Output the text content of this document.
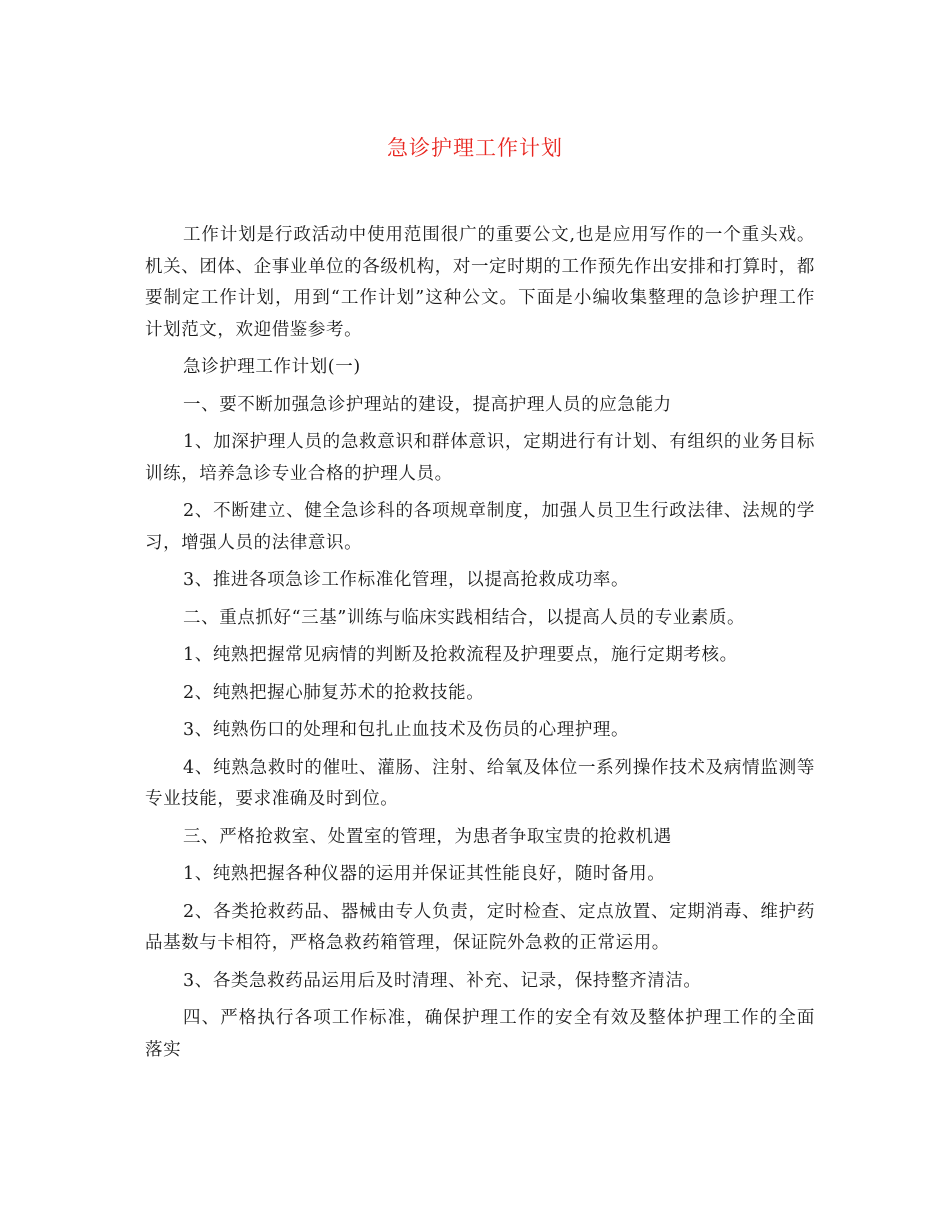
急诊护理工作计划

工作计划是行政活动中使用范围很广的重要公文,也是应用写作的一个重头戏。机关、团体、企事业单位的各级机构，对一定时期的工作预先作出安排和打算时，都要制定工作计划，用到“工作计划”这种公文。下面是小编收集整理的急诊护理工作计划范文，欢迎借鉴参考。

急诊护理工作计划(一)

一、要不断加强急诊护理站的建设，提高护理人员的应急能力

1、加深护理人员的急救意识和群体意识，定期进行有计划、有组织的业务目标训练，培养急诊专业合格的护理人员。

2、不断建立、健全急诊科的各项规章制度，加强人员卫生行政法律、法规的学习，增强人员的法律意识。

3、推进各项急诊工作标准化管理，以提高抢救成功率。

二、重点抓好“三基”训练与临床实践相结合，以提高人员的专业素质。

1、纯熟把握常见病情的判断及抢救流程及护理要点，施行定期考核。

2、纯熟把握心肺复苏术的抢救技能。

3、纯熟伤口的处理和包扎止血技术及伤员的心理护理。

4、纯熟急救时的催吐、灌肠、注射、给氧及体位一系列操作技术及病情监测等专业技能，要求准确及时到位。

三、严格抢救室、处置室的管理，为患者争取宝贵的抢救机遇

1、纯熟把握各种仪器的运用并保证其性能良好，随时备用。

2、各类抢救药品、器械由专人负责，定时检查、定点放置、定期消毒、维护药品基数与卡相符，严格急救药箱管理，保证院外急救的正常运用。

3、各类急救药品运用后及时清理、补充、记录，保持整齐清洁。

四、严格执行各项工作标准，确保护理工作的安全有效及整体护理工作的全面落实
